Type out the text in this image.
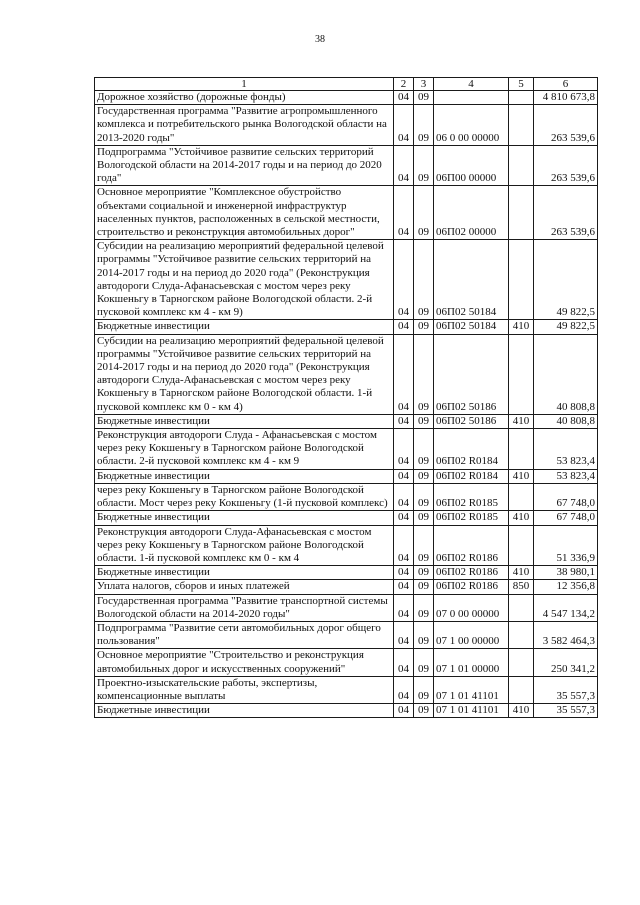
38
1	2	3	4	5	6
Дорожное хозяйство (дорожные фонды)	04	09			4 810 673,8
Государственная программа "Развитие агропромышленного комплекса и потребительского рынка Вологодской области на 2013-2020 годы"	04	09	06 0 00 00000		263 539,6
Подпрограмма "Устойчивое развитие сельских территорий Вологодской области на 2014-2017 годы и на период до 2020 года"	04	09	06П00 00000		263 539,6
Основное мероприятие "Комплексное обустройство объектами социальной и инженерной инфраструктур населенных пунктов, расположенных в сельской местности, строительство и реконструкция автомобильных дорог"	04	09	06П02 00000		263 539,6
Субсидии на реализацию мероприятий федеральной целевой программы "Устойчивое развитие сельских территорий на 2014-2017 годы и на период до 2020 года" (Реконструкция автодороги Слуда-Афанасьевская с мостом через реку Кокшеньгу в Тарногском районе Вологодской области. 2-й пусковой комплекс км 4 - км 9)	04	09	06П02 50184		49 822,5
Бюджетные инвестиции	04	09	06П02 50184	410	49 822,5
Субсидии на реализацию мероприятий федеральной целевой программы "Устойчивое развитие сельских территорий на 2014-2017 годы и на период до 2020 года" (Реконструкция автодороги Слуда-Афанасьевская с мостом через реку Кокшеньгу в Тарногском районе Вологодской области. 1-й пусковой комплекс км 0 - км 4)	04	09	06П02 50186		40 808,8
Бюджетные инвестиции	04	09	06П02 50186	410	40 808,8
Реконструкция автодороги Слуда - Афанасьевская с мостом через реку Кокшеньгу в Тарногском районе Вологодской области. 2-й пусковой комплекс км 4 - км 9	04	09	06П02 R0184		53 823,4
Бюджетные инвестиции	04	09	06П02 R0184	410	53 823,4
через реку Кокшеньгу в Тарногском районе Вологодской области. Мост через реку Кокшеньгу (1-й пусковой комплекс)	04	09	06П02 R0185		67 748,0
Бюджетные инвестиции	04	09	06П02 R0185	410	67 748,0
Реконструкция автодороги Слуда-Афанасьевская с мостом через реку Кокшеньгу в Тарногском районе Вологодской области. 1-й пусковой комплекс км 0 - км 4	04	09	06П02 R0186		51 336,9
Бюджетные инвестиции	04	09	06П02 R0186	410	38 980,1
Уплата налогов, сборов и иных платежей	04	09	06П02 R0186	850	12 356,8
Государственная программа "Развитие транспортной системы Вологодской области на 2014-2020 годы"	04	09	07 0 00 00000		4 547 134,2
Подпрограмма "Развитие сети автомобильных дорог общего пользования"	04	09	07 1 00 00000		3 582 464,3
Основное мероприятие "Строительство и реконструкция автомобильных дорог и искусственных сооружений"	04	09	07 1 01 00000		250 341,2
Проектно-изыскательские работы, экспертизы, компенсационные выплаты	04	09	07 1 01 41101		35 557,3
Бюджетные инвестиции	04	09	07 1 01 41101	410	35 557,3
